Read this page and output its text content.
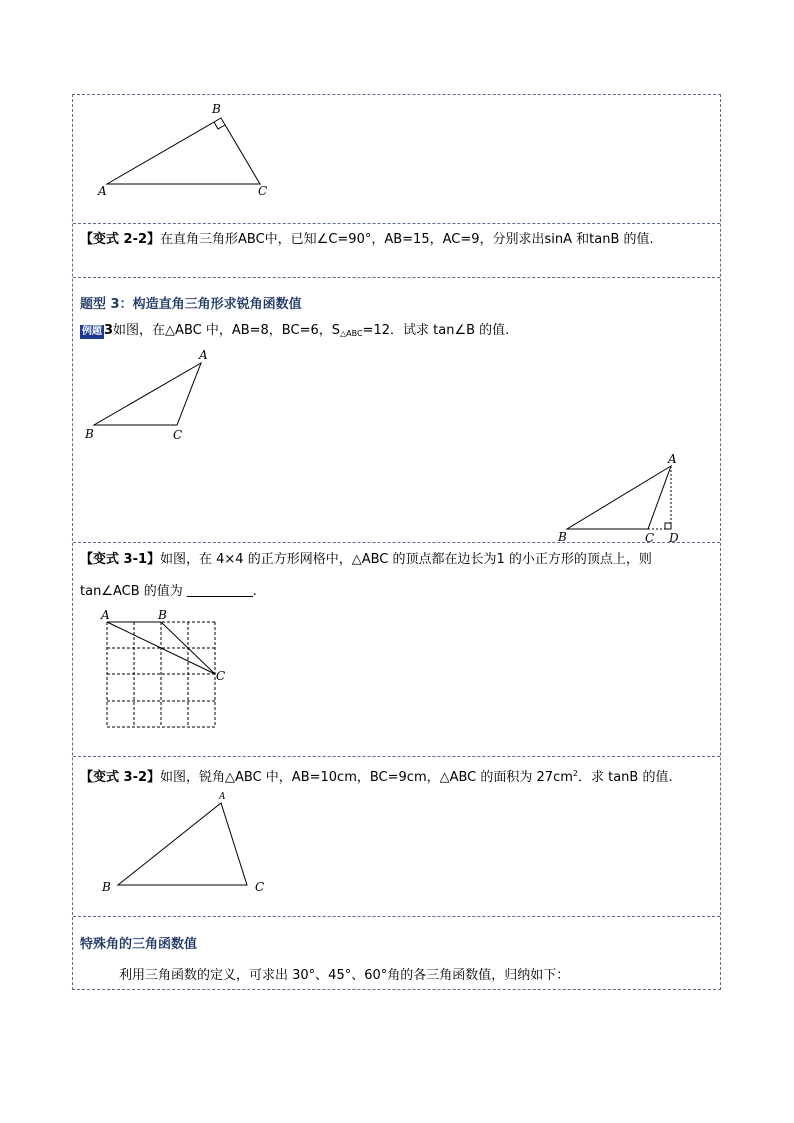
A
B
C
【变式 2-2】在直角三角形ABC中，已知∠C=90°，AB=15，AC=9，分别求出sinA 和tanB 的值.
题型 3：构造直角三角形求锐角函数值
例题 3如图，在△ABC 中，AB=8，BC=6，$S_{\triangle ABC}=12$．试求 tan∠B 的值.
A
B	C
A
B	C D
【变式 3-1】如图，在 4×4 的正方形网格中，△ABC 的顶点都在边长为1 的小正方形的顶点上，则
tan∠ACB 的值为	.
A	B
C
【变式 3-2】如图，锐角△ABC 中，AB=10cm，BC=9cm，△ABC 的面积为 $27cm^2$．求 tanB 的值.
A
B	C
特殊角的三角函数值
利用三角函数的定义，可求出 30°、45°、60°角的各三角函数值，归纳如下：
